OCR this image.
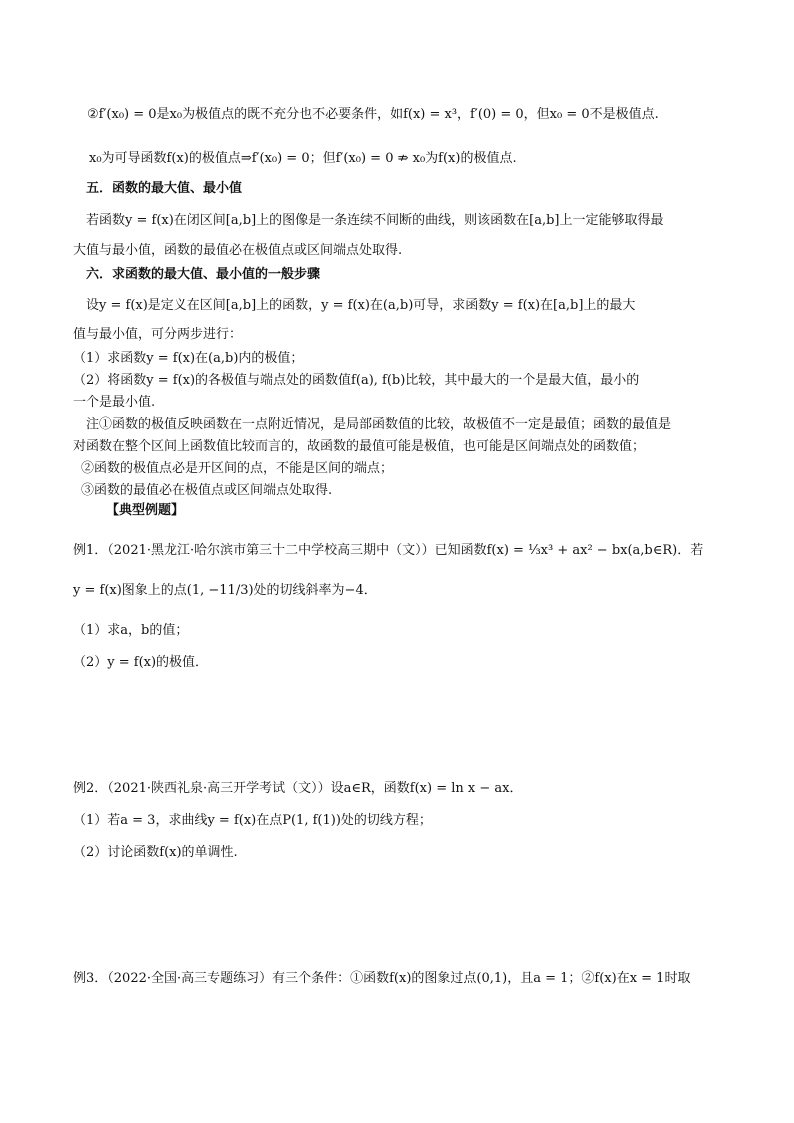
②f′(x₀) = 0是x₀为极值点的既不充分也不必要条件，如f(x) = x³，f′(0) = 0，但x₀ = 0不是极值点.
x₀为可导函数f(x)的极值点⇒f′(x₀) = 0；但f′(x₀) = 0 ⇏ x₀为f(x)的极值点.
五．函数的最大值、最小值
若函数y = f(x)在闭区间[a,b]上的图像是一条连续不间断的曲线，则该函数在[a,b]上一定能够取得最
大值与最小值，函数的最值必在极值点或区间端点处取得.
六．求函数的最大值、最小值的一般步骤
设y = f(x)是定义在区间[a,b]上的函数，y = f(x)在(a,b)可导，求函数y = f(x)在[a,b]上的最大
值与最小值，可分两步进行：
（1）求函数y = f(x)在(a,b)内的极值；
（2）将函数y = f(x)的各极值与端点处的函数值f(a), f(b)比较，其中最大的一个是最大值，最小的
一个是最小值.
注①函数的极值反映函数在一点附近情况，是局部函数值的比较，故极值不一定是最值；函数的最值是
对函数在整个区间上函数值比较而言的，故函数的最值可能是极值，也可能是区间端点处的函数值；
②函数的极值点必是开区间的点，不能是区间的端点；
③函数的最值必在极值点或区间端点处取得.
【典型例题】
例1．（2021·黑龙江·哈尔滨市第三十二中学校高三期中（文））已知函数f(x) = ⅓x³ + ax² − bx(a,b∈R)．若
y = f(x)图象上的点(1, −11/3)处的切线斜率为−4．
（1）求a，b的值；
（2）y = f(x)的极值．
例2．（2021·陕西礼泉·高三开学考试（文））设a∈R，函数f(x) = ln x − ax．
（1）若a = 3，求曲线y = f(x)在点P(1, f(1))处的切线方程；
（2）讨论函数f(x)的单调性.
例3．（2022·全国·高三专题练习）有三个条件：①函数f(x)的图象过点(0,1)，且a = 1；②f(x)在x = 1时取
